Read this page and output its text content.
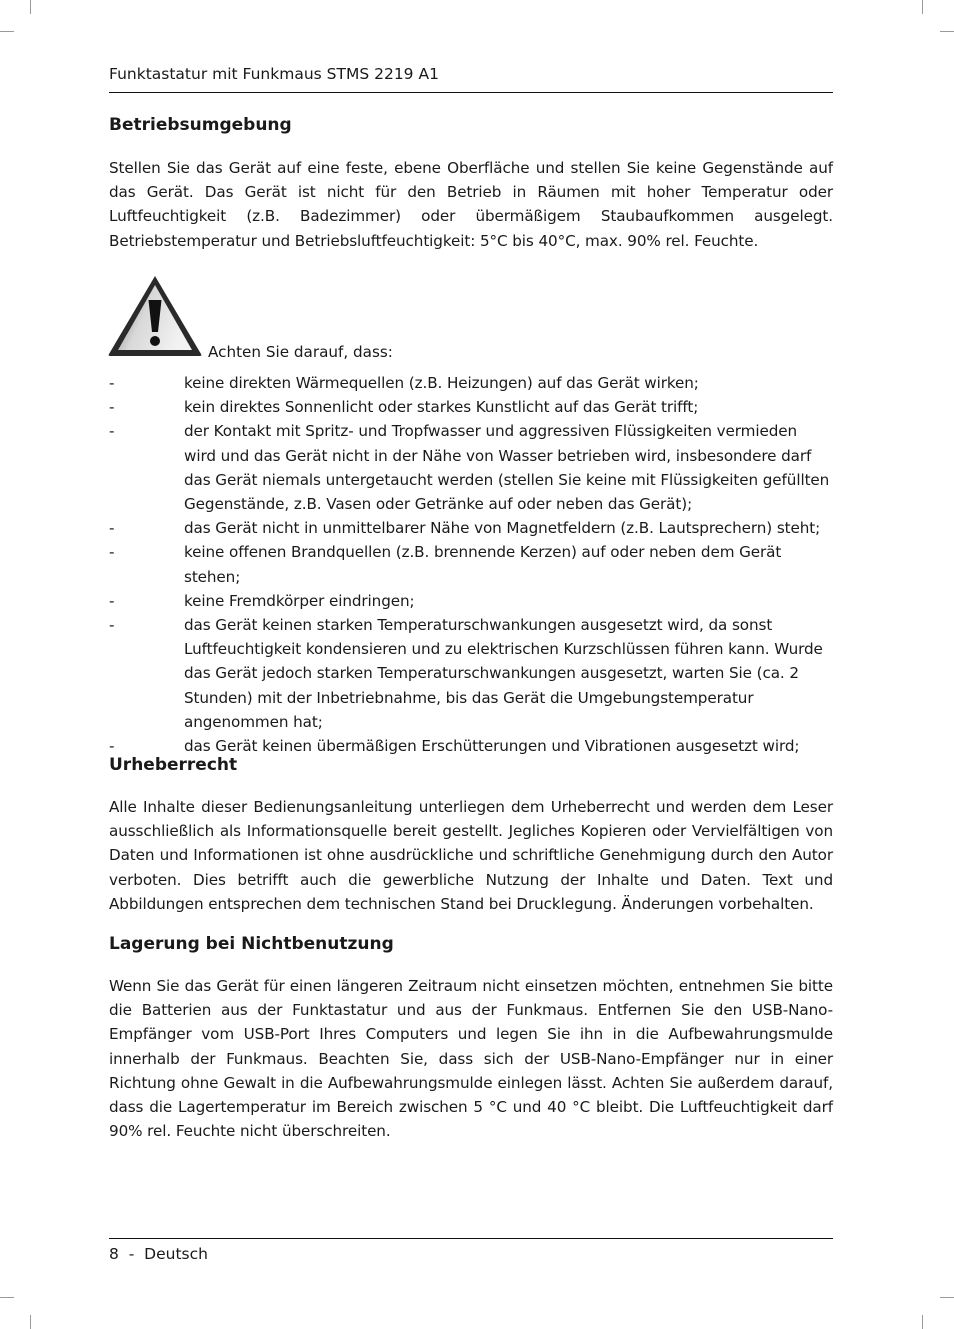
Funktastatur mit Funkmaus STMS 2219 A1
Betriebsumgebung

Stellen Sie das Gerät auf eine feste, ebene Oberfläche und stellen Sie keine Gegenstände auf das Gerät. Das Gerät ist nicht für den Betrieb in Räumen mit hoher Temperatur oder Luftfeuchtigkeit (z.B. Badezimmer) oder übermäßigem Staubaufkommen ausgelegt. Betriebstemperatur und Betriebsluftfeuchtigkeit: 5°C bis 40°C, max. 90% rel. Feuchte.

Achten Sie darauf, dass:
-	keine direkten Wärmequellen (z.B. Heizungen) auf das Gerät wirken;
-	kein direktes Sonnenlicht oder starkes Kunstlicht auf das Gerät trifft;
-	der Kontakt mit Spritz- und Tropfwasser und aggressiven Flüssigkeiten vermieden wird und das Gerät nicht in der Nähe von Wasser betrieben wird, insbesondere darf das Gerät niemals untergetaucht werden (stellen Sie keine mit Flüssigkeiten gefüllten Gegenstände, z.B. Vasen oder Getränke auf oder neben das Gerät);
-	das Gerät nicht in unmittelbarer Nähe von Magnetfeldern (z.B. Lautsprechern) steht;
-	keine offenen Brandquellen (z.B. brennende Kerzen) auf oder neben dem Gerät stehen;
-	keine Fremdkörper eindringen;
-	das Gerät keinen starken Temperaturschwankungen ausgesetzt wird, da sonst Luftfeuchtigkeit kondensieren und zu elektrischen Kurzschlüssen führen kann. Wurde das Gerät jedoch starken Temperaturschwankungen ausgesetzt, warten Sie (ca. 2 Stunden) mit der Inbetriebnahme, bis das Gerät die Umgebungstemperatur angenommen hat;
-	das Gerät keinen übermäßigen Erschütterungen und Vibrationen ausgesetzt wird;
Urheberrecht

Alle Inhalte dieser Bedienungsanleitung unterliegen dem Urheberrecht und werden dem Leser ausschließlich als Informationsquelle bereit gestellt. Jegliches Kopieren oder Vervielfältigen von Daten und Informationen ist ohne ausdrückliche und schriftliche Genehmigung durch den Autor verboten. Dies betrifft auch die gewerbliche Nutzung der Inhalte und Daten. Text und Abbildungen entsprechen dem technischen Stand bei Drucklegung. Änderungen vorbehalten.

Lagerung bei Nichtbenutzung

Wenn Sie das Gerät für einen längeren Zeitraum nicht einsetzen möchten, entnehmen Sie bitte die Batterien aus der Funktastatur und aus der Funkmaus. Entfernen Sie den USB-Nano-Empfänger vom USB-Port Ihres Computers und legen Sie ihn in die Aufbewahrungsmulde innerhalb der Funkmaus. Beachten Sie, dass sich der USB-Nano-Empfänger nur in einer Richtung ohne Gewalt in die Aufbewahrungsmulde einlegen lässt. Achten Sie außerdem darauf, dass die Lagertemperatur im Bereich zwischen 5 °C und 40 °C bleibt. Die Luftfeuchtigkeit darf 90% rel. Feuchte nicht überschreiten.

8  -  Deutsch
